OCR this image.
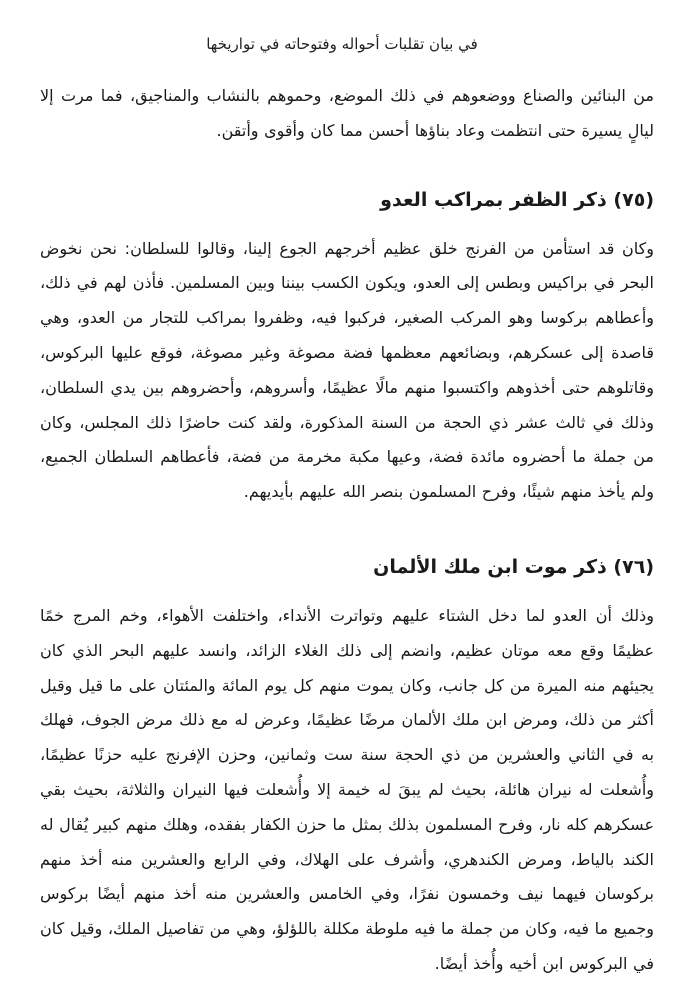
في بيان تقلبات أحواله وفتوحاته في تواريخها

من البنائين والصناع ووضعوهم في ذلك الموضع، وحموهم بالنشاب والمناجيق، فما مرت إلا ليالٍ يسيرة حتى انتظمت وعاد بناؤها أحسن مما كان وأقوى وأتقن.

(٧٥) ذكر الظفر بمراكب العدو

وكان قد استأمن من الفرنج خلق عظيم أخرجهم الجوع إلينا، وقالوا للسلطان: نحن نخوض البحر في براكيس وبطس إلى العدو، ويكون الكسب بيننا وبين المسلمين. فأذن لهم في ذلك، وأعطاهم بركوسا وهو المركب الصغير، فركبوا فيه، وظفروا بمراكب للتجار من العدو، وهي قاصدة إلى عسكرهم، وبضائعهم معظمها فضة مصوغة وغير مصوغة، فوقع عليها البركوس، وقاتلوهم حتى أخذوهم واكتسبوا منهم مالًا عظيمًا، وأسروهم، وأحضروهم بين يدي السلطان، وذلك في ثالث عشر ذي الحجة من السنة المذكورة، ولقد كنت حاضرًا ذلك المجلس، وكان من جملة ما أحضروه مائدة فضة، وعيها مكبة مخرمة من فضة، فأعطاهم السلطان الجميع، ولم يأخذ منهم شيئًا، وفرح المسلمون بنصر الله عليهم بأيديهم.

(٧٦) ذكر موت ابن ملك الألمان

وذلك أن العدو لما دخل الشتاء عليهم وتواترت الأنداء، واختلفت الأهواء، وخم المرج خمًا عظيمًا وقع معه موتان عظيم، وانضم إلى ذلك الغلاء الزائد، وانسد عليهم البحر الذي كان يجيئهم منه الميرة من كل جانب، وكان يموت منهم كل يوم المائة والمئتان على ما قيل وقيل أكثر من ذلك، ومرض ابن ملك الألمان مرضًا عظيمًا، وعرض له مع ذلك مرض الجوف، فهلك به في الثاني والعشرين من ذي الحجة سنة ست وثمانين، وحزن الإفرنج عليه حزنًا عظيمًا، وأُشعلت له نيران هائلة، بحيث لم يبقَ له خيمة إلا وأُشعلت فيها النيران والثلاثة، بحيث بقي عسكرهم كله نار، وفرح المسلمون بذلك بمثل ما حزن الكفار بفقده، وهلك منهم كبير يُقال له الكند بالياط، ومرض الكندهري، وأشرف على الهلاك، وفي الرابع والعشرين منه أخذ منهم بركوسان فيهما نيف وخمسون نفرًا، وفي الخامس والعشرين منه أخذ منهم أيضًا بركوس وجميع ما فيه، وكان من جملة ما فيه ملوطة مكللة باللؤلؤ، وهي من تفاصيل الملك، وقيل كان في البركوس ابن أخيه وأُخذ أيضًا.
